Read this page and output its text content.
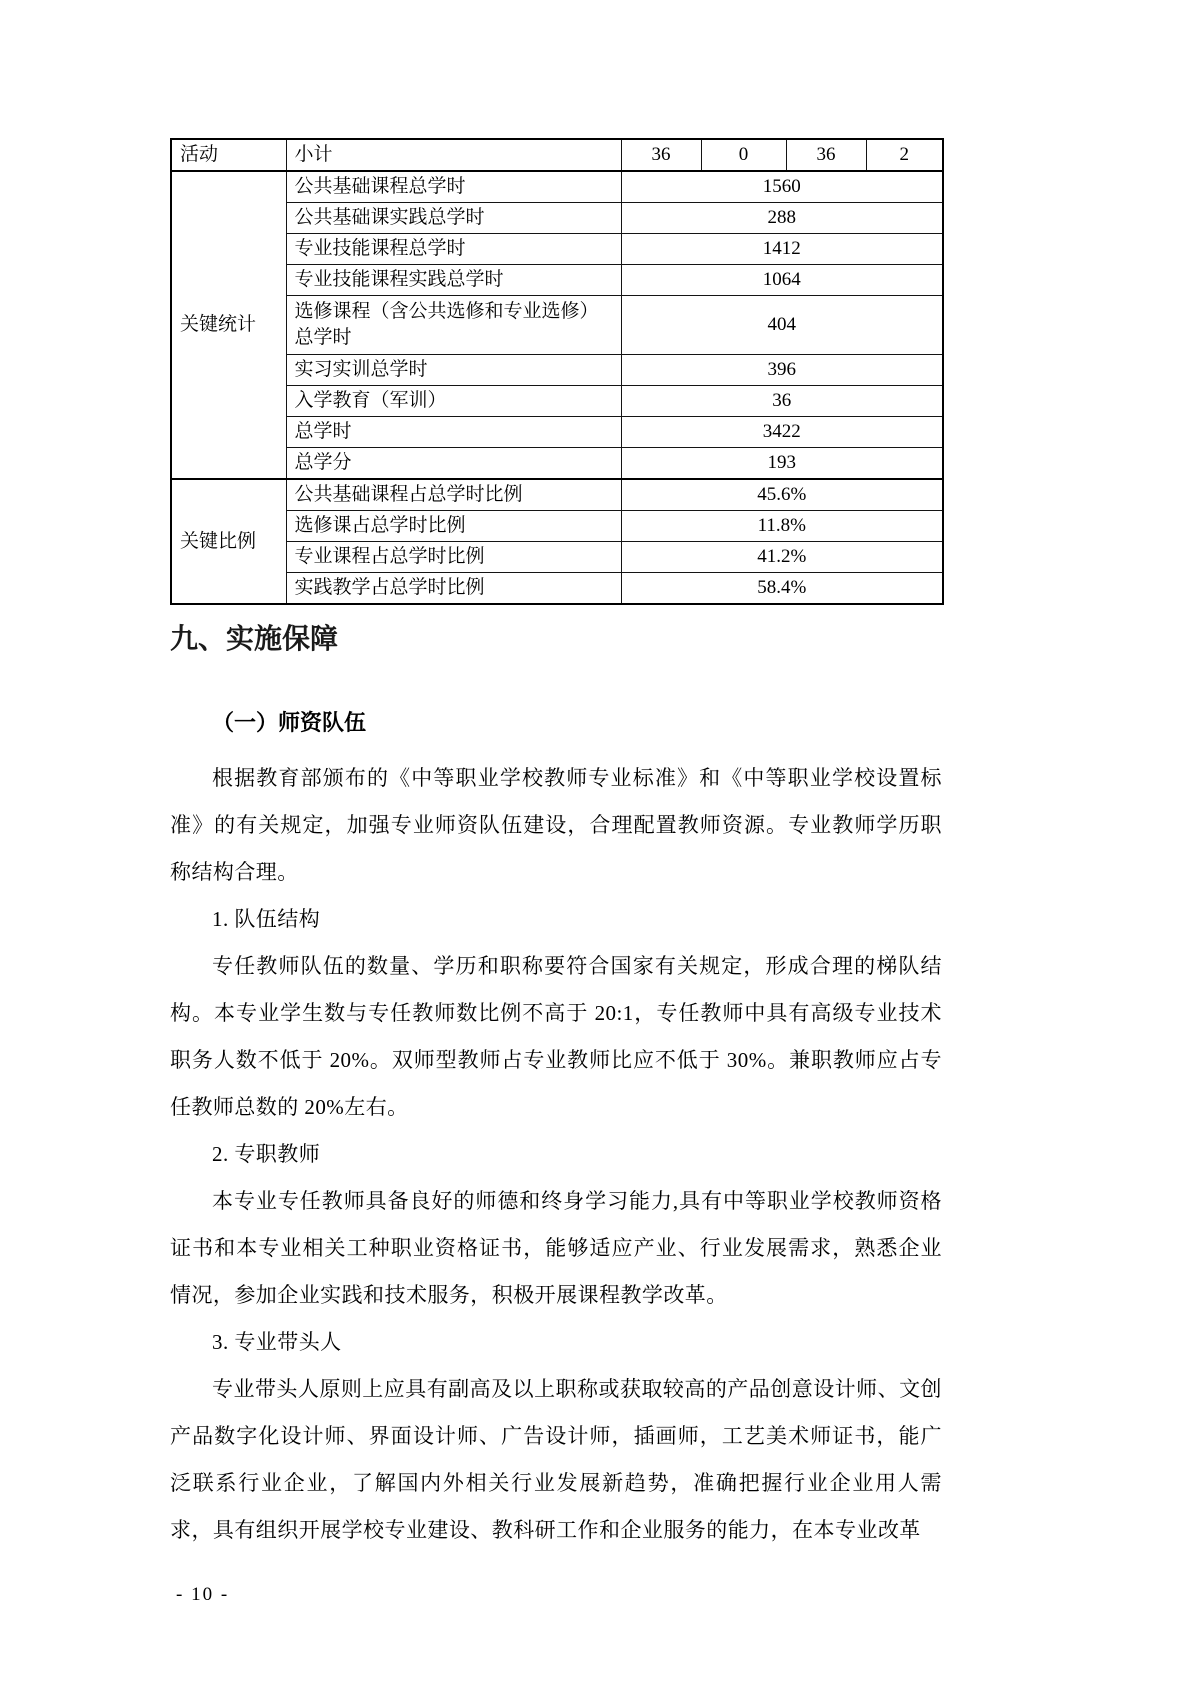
活动	小计	36	0	36	2
关键统计	公共基础课程总学时	1560			
	公共基础课实践总学时	288			
	专业技能课程总学时	1412			
	专业技能课程实践总学时	1064			
	选修课程（含公共选修和专业选修）总学时	404			
	实习实训总学时	396			
	入学教育（军训）	36			
	总学时	3422			
	总学分	193			
关键比例	公共基础课程占总学时比例	45.6%			
	选修课占总学时比例	11.8%			
	专业课程占总学时比例	41.2%			
	实践教学占总学时比例	58.4%			
九、实施保障
（一）师资队伍

根据教育部颁布的《中等职业学校教师专业标准》和《中等职业学校设置标准》的有关规定，加强专业师资队伍建设，合理配置教师资源。专业教师学历职称结构合理。

1. 队伍结构

专任教师队伍的数量、学历和职称要符合国家有关规定，形成合理的梯队结构。本专业学生数与专任教师数比例不高于 20:1，专任教师中具有高级专业技术职务人数不低于 20%。双师型教师占专业教师比应不低于 30%。兼职教师应占专任教师总数的 20%左右。

2. 专职教师

本专业专任教师具备良好的师德和终身学习能力,具有中等职业学校教师资格证书和本专业相关工种职业资格证书，能够适应产业、行业发展需求，熟悉企业情况，参加企业实践和技术服务，积极开展课程教学改革。

3. 专业带头人

专业带头人原则上应具有副高及以上职称或获取较高的产品创意设计师、文创产品数字化设计师、界面设计师、广告设计师，插画师，工艺美术师证书，能广泛联系行业企业，了解国内外相关行业发展新趋势，准确把握行业企业用人需求，具有组织开展学校专业建设、教科研工作和企业服务的能力，在本专业改革

- 10 -
